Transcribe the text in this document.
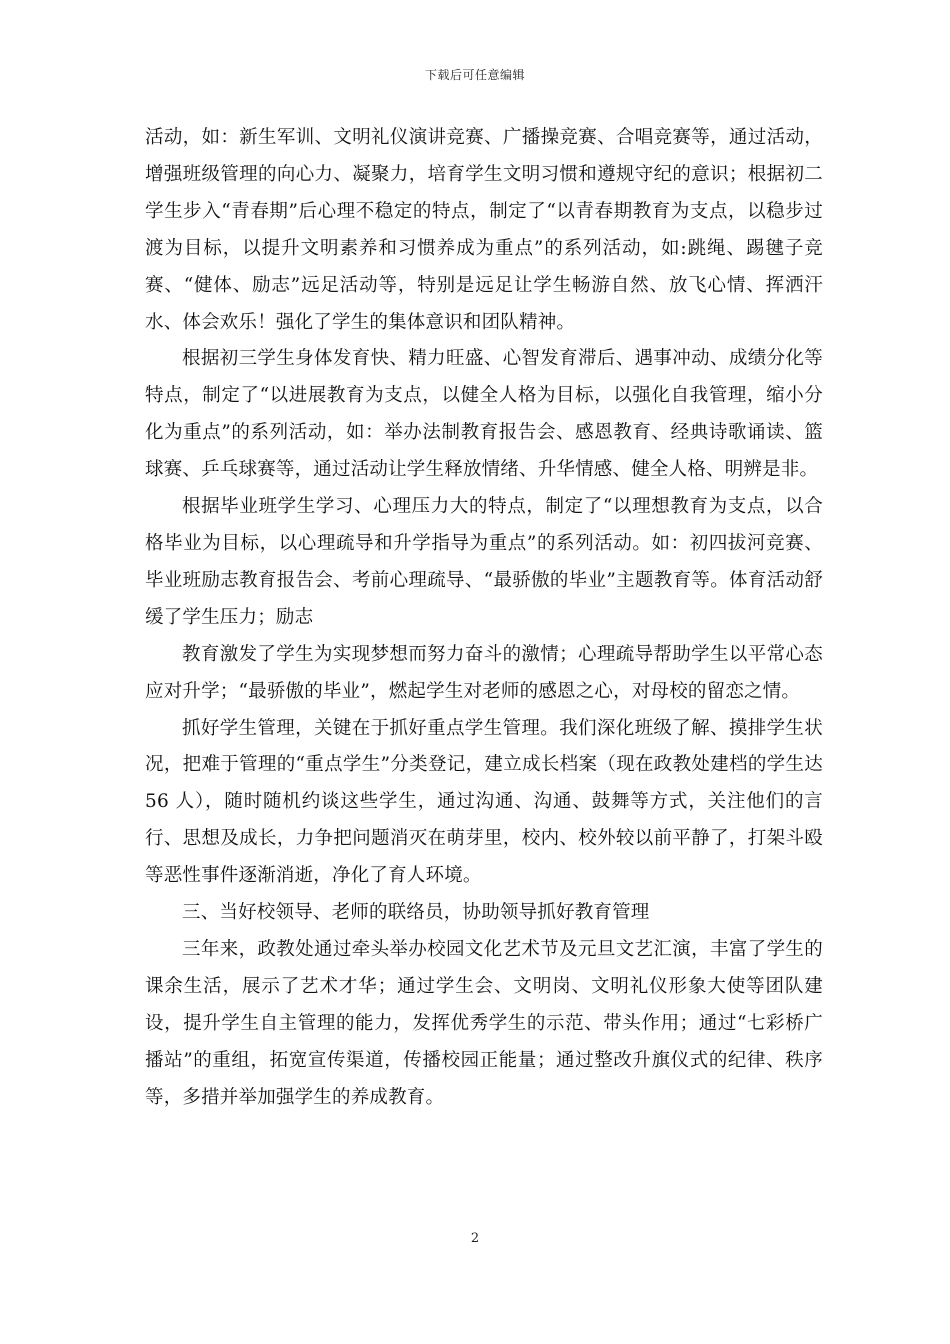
下载后可任意编辑

活动，如：新生军训、文明礼仪演讲竞赛、广播操竞赛、合唱竞赛等，通过活动，增强班级管理的向心力、凝聚力，培育学生文明习惯和遵规守纪的意识；根据初二学生步入“青春期”后心理不稳定的特点，制定了“以青春期教育为支点，以稳步过渡为目标，以提升文明素养和习惯养成为重点”的系列活动，如:跳绳、踢毽子竞赛、“健体、励志”远足活动等，特别是远足让学生畅游自然、放飞心情、挥洒汗水、体会欢乐！强化了学生的集体意识和团队精神。

根据初三学生身体发育快、精力旺盛、心智发育滞后、遇事冲动、成绩分化等特点，制定了“以进展教育为支点，以健全人格为目标，以强化自我管理，缩小分化为重点”的系列活动，如：举办法制教育报告会、感恩教育、经典诗歌诵读、篮球赛、乒乓球赛等，通过活动让学生释放情绪、升华情感、健全人格、明辨是非。

根据毕业班学生学习、心理压力大的特点，制定了“以理想教育为支点，以合格毕业为目标，以心理疏导和升学指导为重点”的系列活动。如：初四拔河竞赛、毕业班励志教育报告会、考前心理疏导、“最骄傲的毕业”主题教育等。体育活动舒缓了学生压力；励志

教育激发了学生为实现梦想而努力奋斗的激情；心理疏导帮助学生以平常心态应对升学；“最骄傲的毕业”，燃起学生对老师的感恩之心，对母校的留恋之情。

抓好学生管理，关键在于抓好重点学生管理。我们深化班级了解、摸排学生状况，把难于管理的“重点学生”分类登记，建立成长档案（现在政教处建档的学生达 56 人），随时随机约谈这些学生，通过沟通、沟通、鼓舞等方式，关注他们的言行、思想及成长，力争把问题消灭在萌芽里，校内、校外较以前平静了，打架斗殴等恶性事件逐渐消逝，净化了育人环境。

三、当好校领导、老师的联络员，协助领导抓好教育管理

三年来，政教处通过牵头举办校园文化艺术节及元旦文艺汇演，丰富了学生的课余生活，展示了艺术才华；通过学生会、文明岗、文明礼仪形象大使等团队建设，提升学生自主管理的能力，发挥优秀学生的示范、带头作用；通过“七彩桥广播站”的重组，拓宽宣传渠道，传播校园正能量；通过整改升旗仪式的纪律、秩序等，多措并举加强学生的养成教育。

2
